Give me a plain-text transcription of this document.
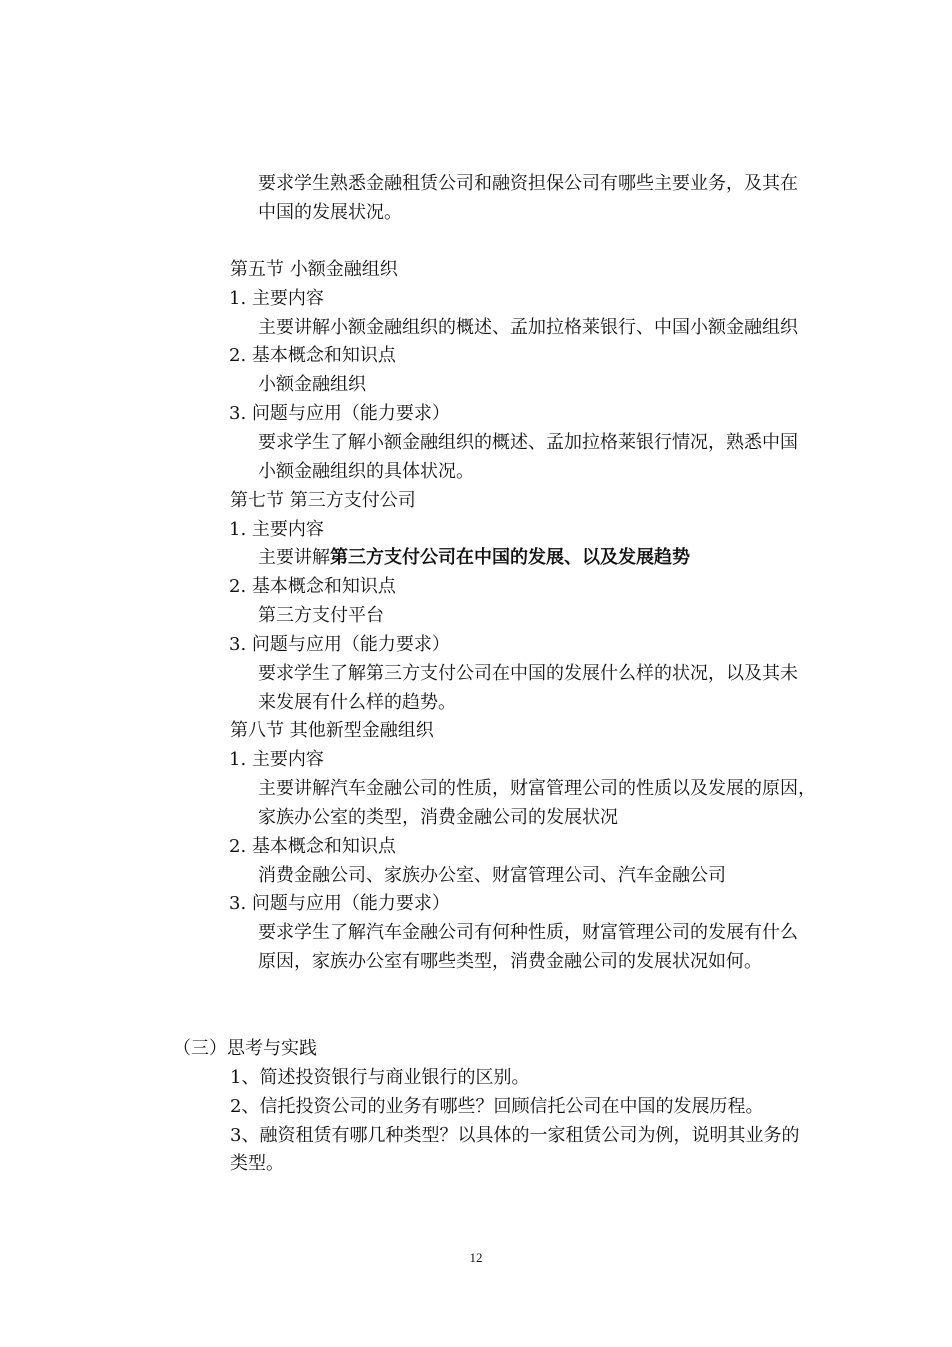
要求学生熟悉金融租赁公司和融资担保公司有哪些主要业务，及其在
中国的发展状况。
第五节 小额金融组织
1. 主要内容
主要讲解小额金融组织的概述、孟加拉格莱银行、中国小额金融组织
2. 基本概念和知识点
小额金融组织
3. 问题与应用（能力要求）
要求学生了解小额金融组织的概述、孟加拉格莱银行情况，熟悉中国
小额金融组织的具体状况。
第七节 第三方支付公司
1. 主要内容
主要讲解第三方支付公司在中国的发展、以及发展趋势
2. 基本概念和知识点
第三方支付平台
3. 问题与应用（能力要求）
要求学生了解第三方支付公司在中国的发展什么样的状况，以及其未
来发展有什么样的趋势。
第八节 其他新型金融组织
1. 主要内容
主要讲解汽车金融公司的性质，财富管理公司的性质以及发展的原因，
家族办公室的类型，消费金融公司的发展状况
2. 基本概念和知识点
消费金融公司、家族办公室、财富管理公司、汽车金融公司
3. 问题与应用（能力要求）
要求学生了解汽车金融公司有何种性质，财富管理公司的发展有什么
原因，家族办公室有哪些类型，消费金融公司的发展状况如何。
（三）思考与实践
1、简述投资银行与商业银行的区别。
2、信托投资公司的业务有哪些？回顾信托公司在中国的发展历程。
3、融资租赁有哪几种类型？以具体的一家租赁公司为例，说明其业务的
类型。
12
